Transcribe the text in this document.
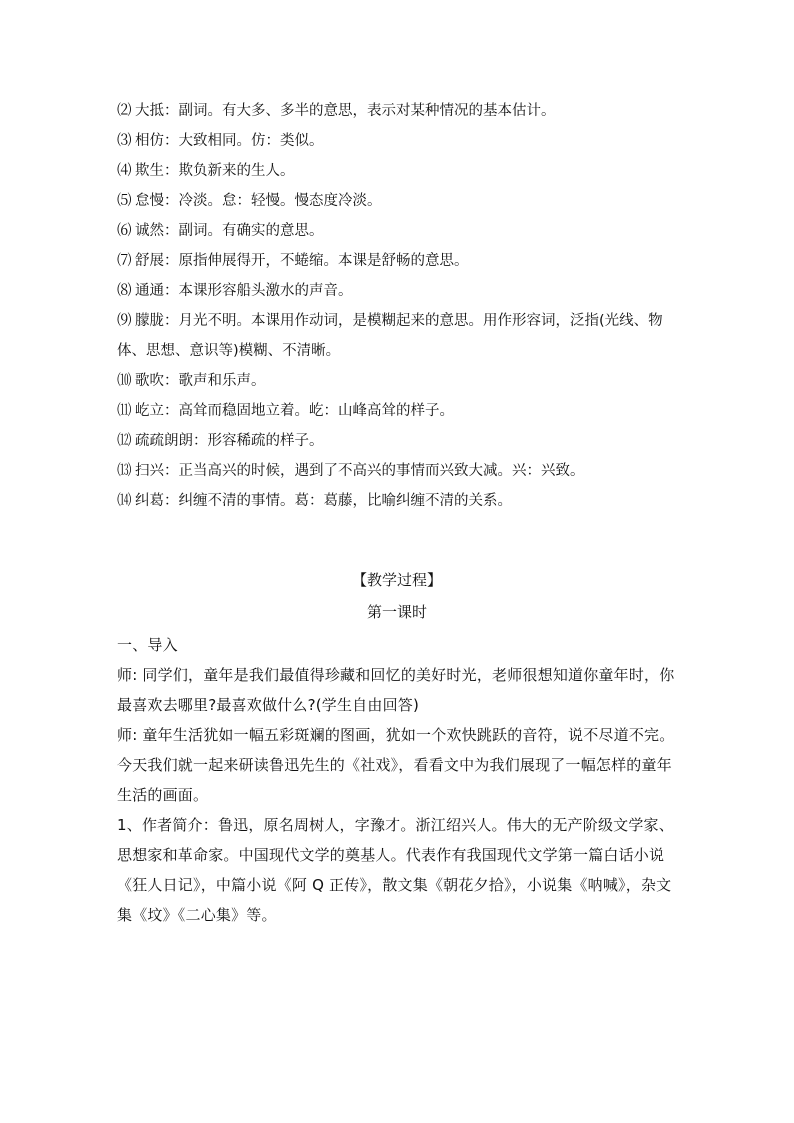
⑵ 大抵：副词。有大多、多半的意思，表示对某种情况的基本估计。
⑶ 相仿：大致相同。仿：类似。
⑷ 欺生：欺负新来的生人。
⑸ 怠慢：冷淡。怠：轻慢。慢态度冷淡。
⑹ 诚然：副词。有确实的意思。
⑺ 舒展：原指伸展得开，不蜷缩。本课是舒畅的意思。
⑻ 通通：本课形容船头激水的声音。
⑼ 朦胧：月光不明。本课用作动词，是模糊起来的意思。用作形容词，泛指(光线、物体、思想、意识等)模糊、不清晰。
⑽ 歌吹：歌声和乐声。
⑾ 屹立：高耸而稳固地立着。屹：山峰高耸的样子。
⑿ 疏疏朗朗：形容稀疏的样子。
⒀ 扫兴：正当高兴的时候，遇到了不高兴的事情而兴致大减。兴：兴致。
⒁ 纠葛：纠缠不清的事情。葛：葛藤，比喻纠缠不清的关系。
【教学过程】
第一课时

一、导入

师: 同学们，童年是我们最值得珍藏和回忆的美好时光，老师很想知道你童年时，你最喜欢去哪里?最喜欢做什么?(学生自由回答)

师: 童年生活犹如一幅五彩斑斓的图画，犹如一个欢快跳跃的音符，说不尽道不完。今天我们就一起来研读鲁迅先生的《社戏》，看看文中为我们展现了一幅怎样的童年生活的画面。

1、作者简介：鲁迅，原名周树人，字豫才。浙江绍兴人。伟大的无产阶级文学家、思想家和革命家。中国现代文学的奠基人。代表作有我国现代文学第一篇白话小说《狂人日记》，中篇小说《阿 Q 正传》，散文集《朝花夕拾》，小说集《呐喊》，杂文集《坟》《二心集》等。
